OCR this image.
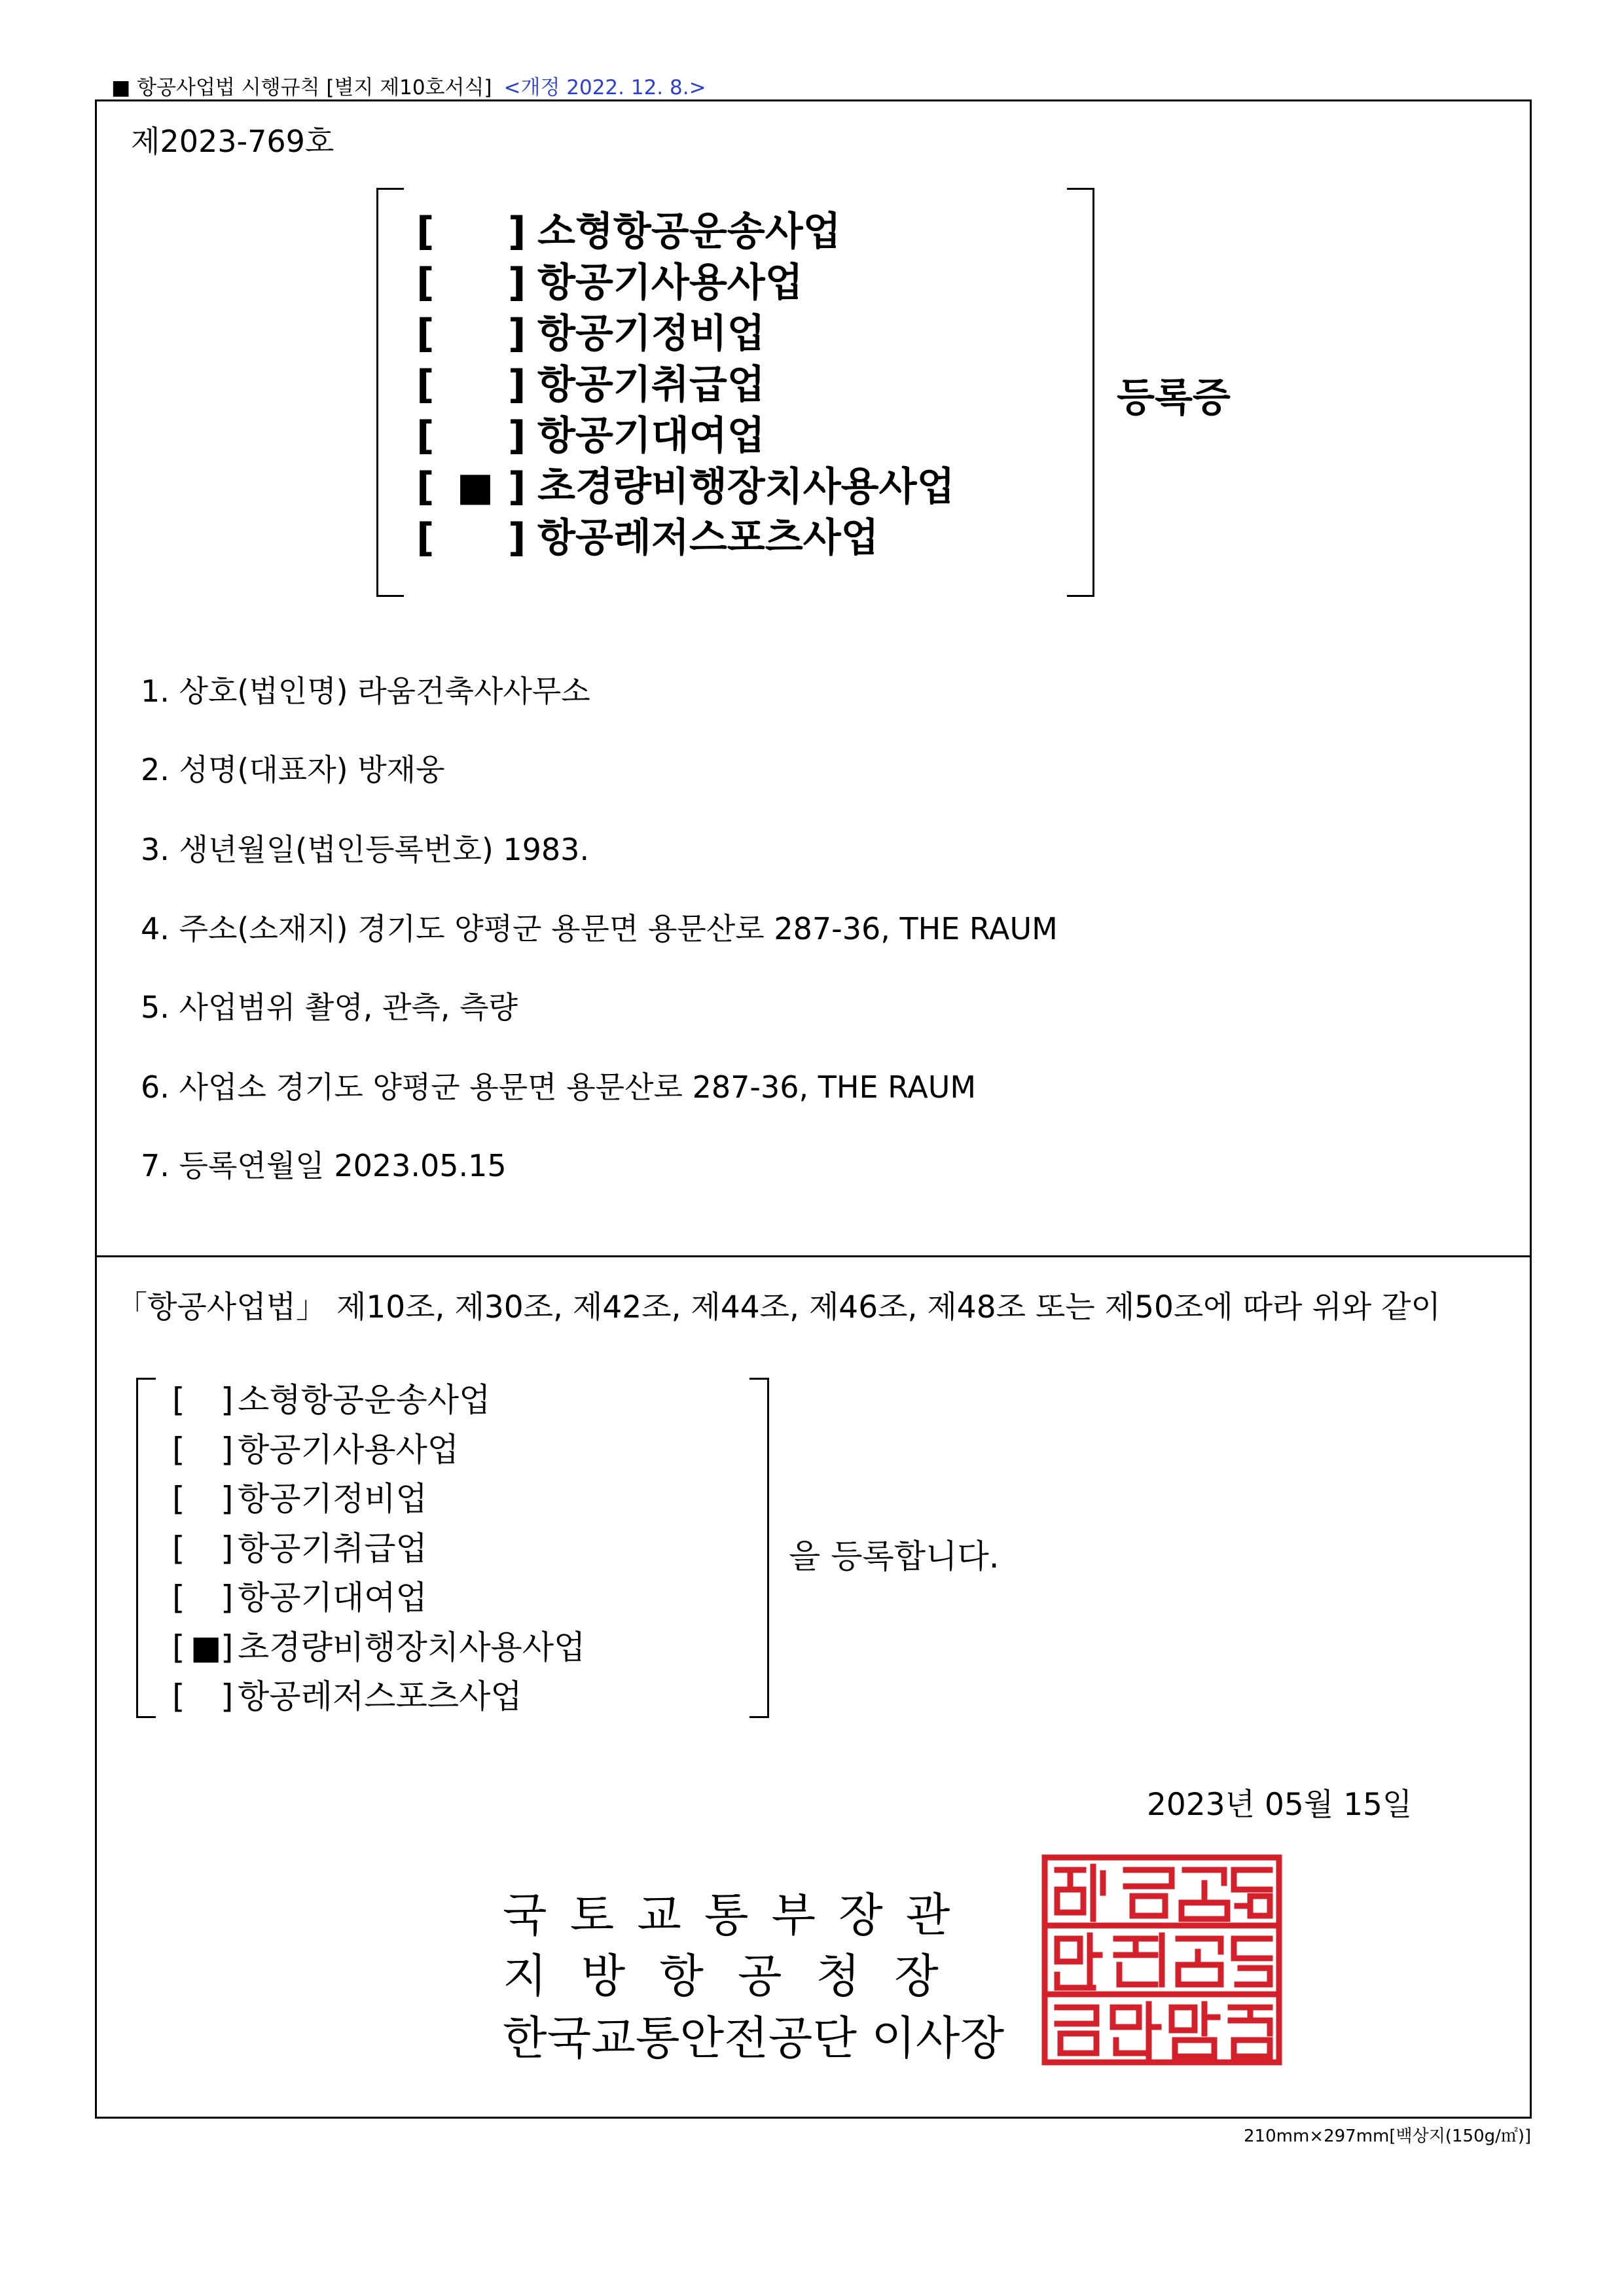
■ 항공사업법 시행규칙 [별지 제10호서식] <개정 2022. 12. 8.>
제2023-769호
[ ] 소형항공운송사업
[ ] 항공기사용사업
[ ] 항공기정비업
[ ] 항공기취급업
[ ] 항공기대여업
[ ■ ] 초경량비행장치사용사업
[ ] 항공레저스포츠사업
등록증
1. 상호(법인명) 라움건축사사무소
2. 성명(대표자) 방재웅
3. 생년월일(법인등록번호) 1983.
4. 주소(소재지) 경기도 양평군 용문면 용문산로 287-36, THE RAUM
5. 사업범위 촬영, 관측, 측량
6. 사업소 경기도 양평군 용문면 용문산로 287-36, THE RAUM
7. 등록연월일 2023.05.15
「항공사업법」 제10조, 제30조, 제42조, 제44조, 제46조, 제48조 또는 제50조에 따라 위와 같이
[ ] 소형항공운송사업
[ ] 항공기사용사업
[ ] 항공기정비업
[ ] 항공기취급업
[ ] 항공기대여업
[ ■] 초경량비행장치사용사업
[ ] 항공레저스포츠사업
을 등록합니다.
2023년 05월 15일
국토교통부장관
지방항공청장
한국교통안전공단 이사장
210mm×297mm[백상지(150g/㎡)]
